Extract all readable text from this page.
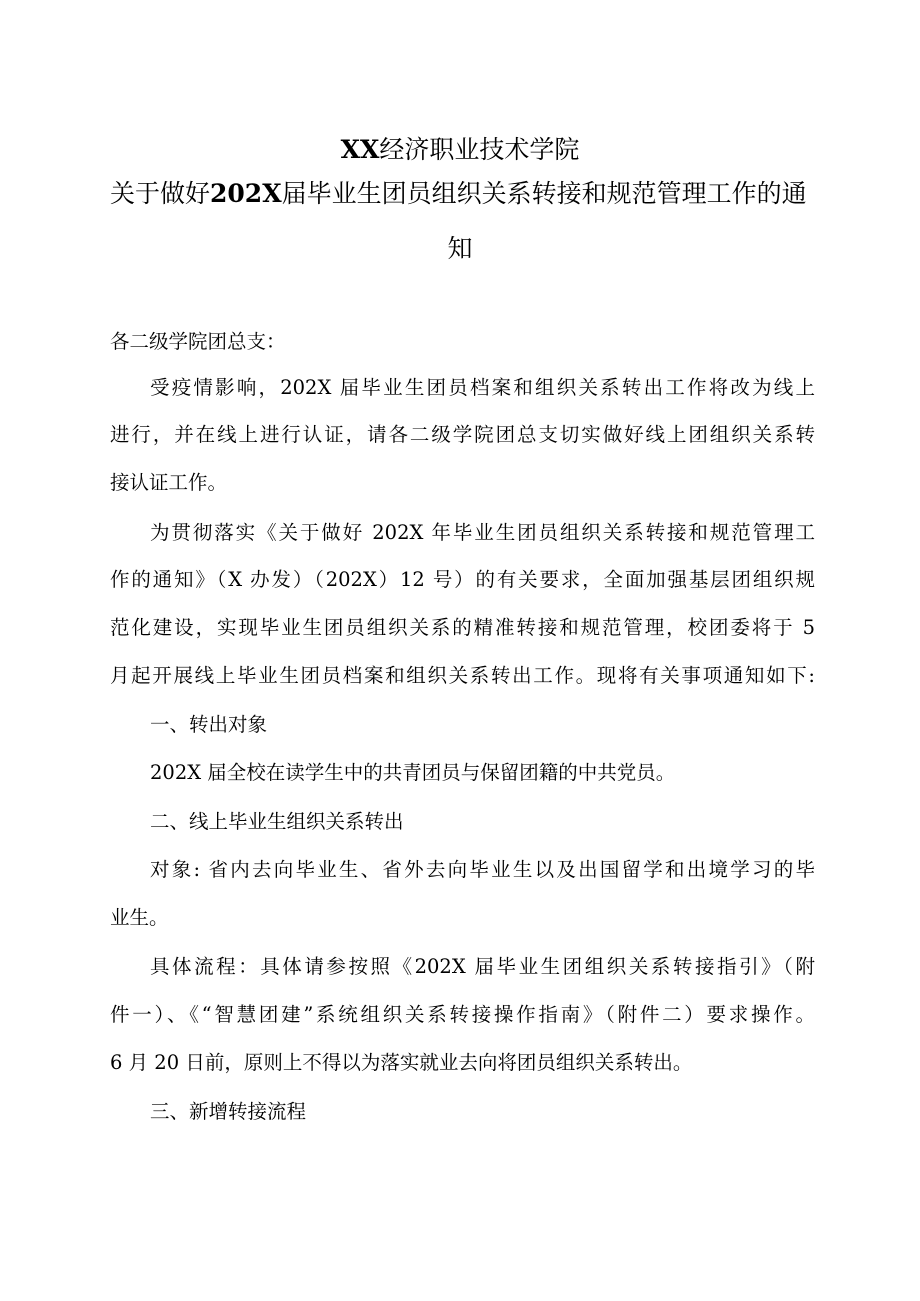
XX经济职业技术学院
关于做好202X届毕业生团员组织关系转接和规范管理工作的通
知
各二级学院团总支：
受疫情影响，202X 届毕业生团员档案和组织关系转出工作将改为线上
进行，并在线上进行认证，请各二级学院团总支切实做好线上团组织关系转
接认证工作。
为贯彻落实《关于做好 202X 年毕业生团员组织关系转接和规范管理工
作的通知》（X 办发）（202X）12 号）的有关要求，全面加强基层团组织规
范化建设，实现毕业生团员组织关系的精准转接和规范管理，校团委将于 5
月起开展线上毕业生团员档案和组织关系转出工作。现将有关事项通知如下:
一、转出对象
202X 届全校在读学生中的共青团员与保留团籍的中共党员。
二、线上毕业生组织关系转出
对象: 省内去向毕业生、省外去向毕业生以及出国留学和出境学习的毕
业生。
具体流程：具体请参按照《202X 届毕业生团组织关系转接指引》（附
件一）、《“智慧团建”系统组织关系转接操作指南》（附件二）要求操作。
6 月 20 日前，原则上不得以为落实就业去向将团员组织关系转出。
三、新增转接流程
